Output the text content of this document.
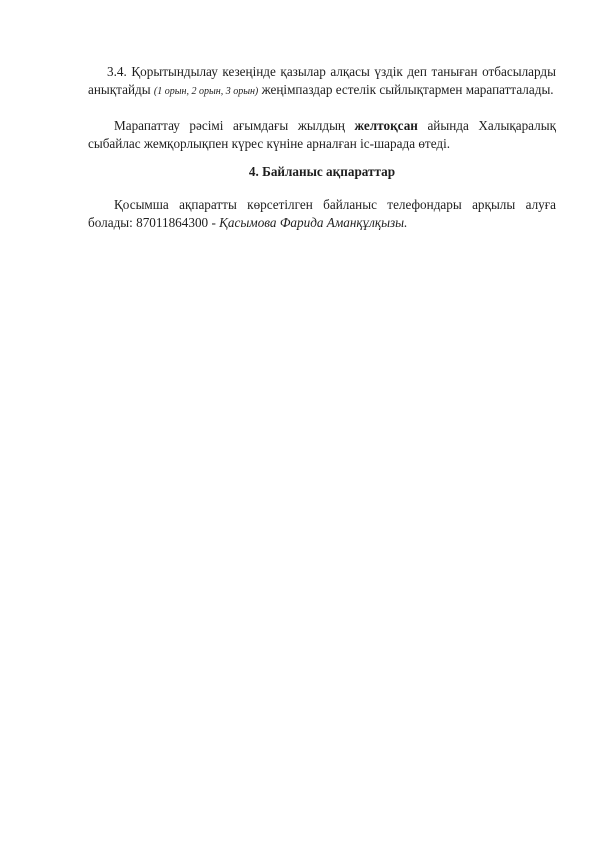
3.4. Қорытындылау кезеңінде қазылар алқасы үздік деп таныған отбасыларды анықтайды (1 орын, 2 орын, 3 орын) жеңімпаздар естелік сыйлықтармен марапатталады.

Марапаттау рәсімі ағымдағы жылдың желтоқсан айында Халықаралық сыбайлас жемқорлықпен күрес күніне арналған іс-шарада өтеді.

4. Байланыс ақпараттар

Қосымша ақпаратты көрсетілген байланыс телефондары арқылы алуға болады: 87011864300 - Қасымова Фарида Аманқұлқызы.
